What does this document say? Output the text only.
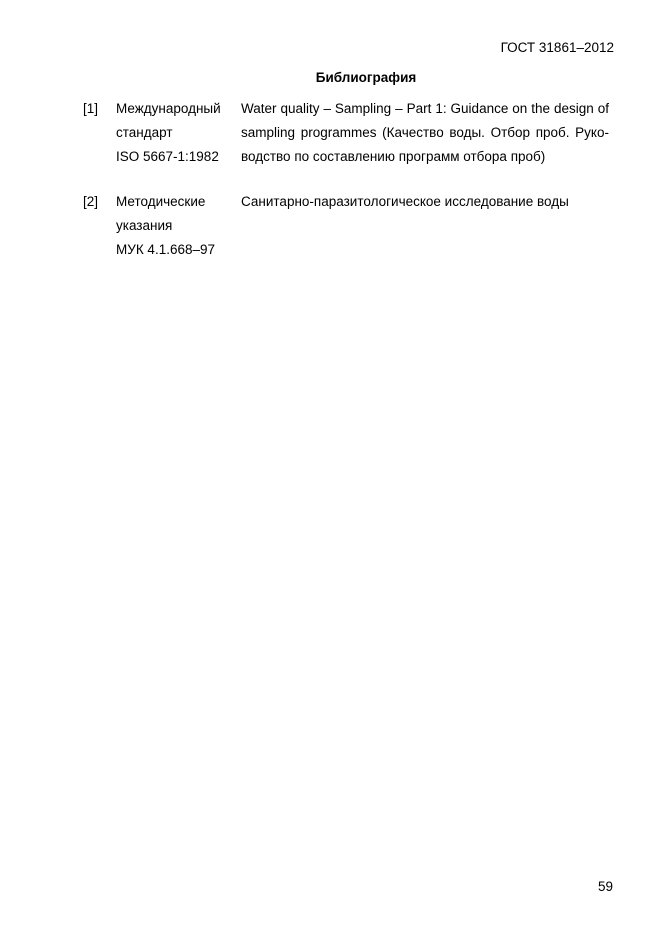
ГОСТ 31861–2012
Библиография
[1] Международный
стандарт
ISO 5667-1:1982
Water quality – Sampling – Part 1: Guidance on the design of
sampling programmes (Качество воды. Отбор проб. Руко-
водство по составлению программ отбора проб)
[2] Методические
указания
МУК 4.1.668–97
Санитарно-паразитологическое исследование воды
59
